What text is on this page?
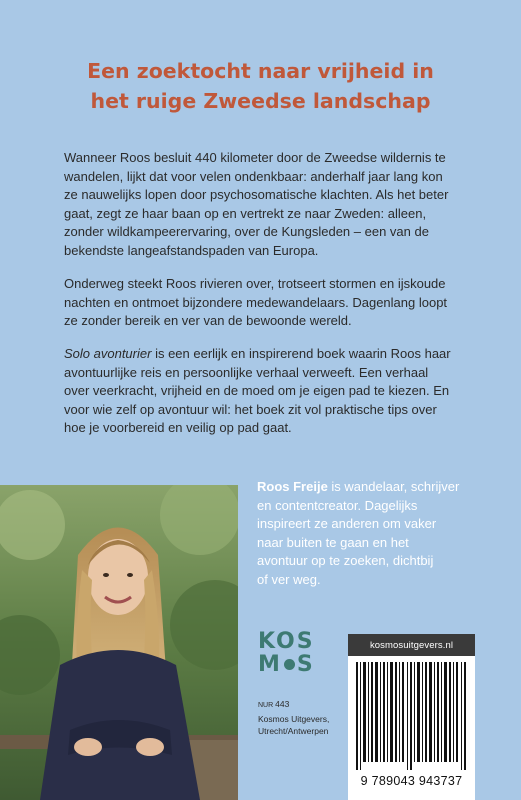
Een zoektocht naar vrijheid in
het ruige Zweedse landschap

Wanneer Roos besluit 440 kilometer door de Zweedse wildernis te
wandelen, lijkt dat voor velen ondenkbaar: anderhalf jaar lang kon
ze nauwelijks lopen door psychosomatische klachten. Als het beter
gaat, zegt ze haar baan op en vertrekt ze naar Zweden: alleen,
zonder wildkampeerervaring, over de Kungsleden – een van de
bekendste langeafstandspaden van Europa.

Onderweg steekt Roos rivieren over, trotseert stormen en ijskoude
nachten en ontmoet bijzondere medewandelaars. Dagenlang loopt
ze zonder bereik en ver van de bewoonde wereld.

Solo avonturier is een eerlijk en inspirerend boek waarin Roos haar
avontuurlijke reis en persoonlijke verhaal verweeft. Een verhaal
over veerkracht, vrijheid en de moed om je eigen pad te kiezen. En
voor wie zelf op avontuur wil: het boek zit vol praktische tips over
hoe je voorbereid en veilig op pad gaat.

Roos Freije is wandelaar, schrijver
en contentcreator. Dagelijks
inspireert ze anderen om vaker
naar buiten te gaan en het
avontuur op te zoeken, dichtbij
of ver weg.
KOS
M S
NUR 443
Kosmos Uitgevers,
Utrecht/Antwerpen
kosmosuitgevers.nl
9 789043 943737
